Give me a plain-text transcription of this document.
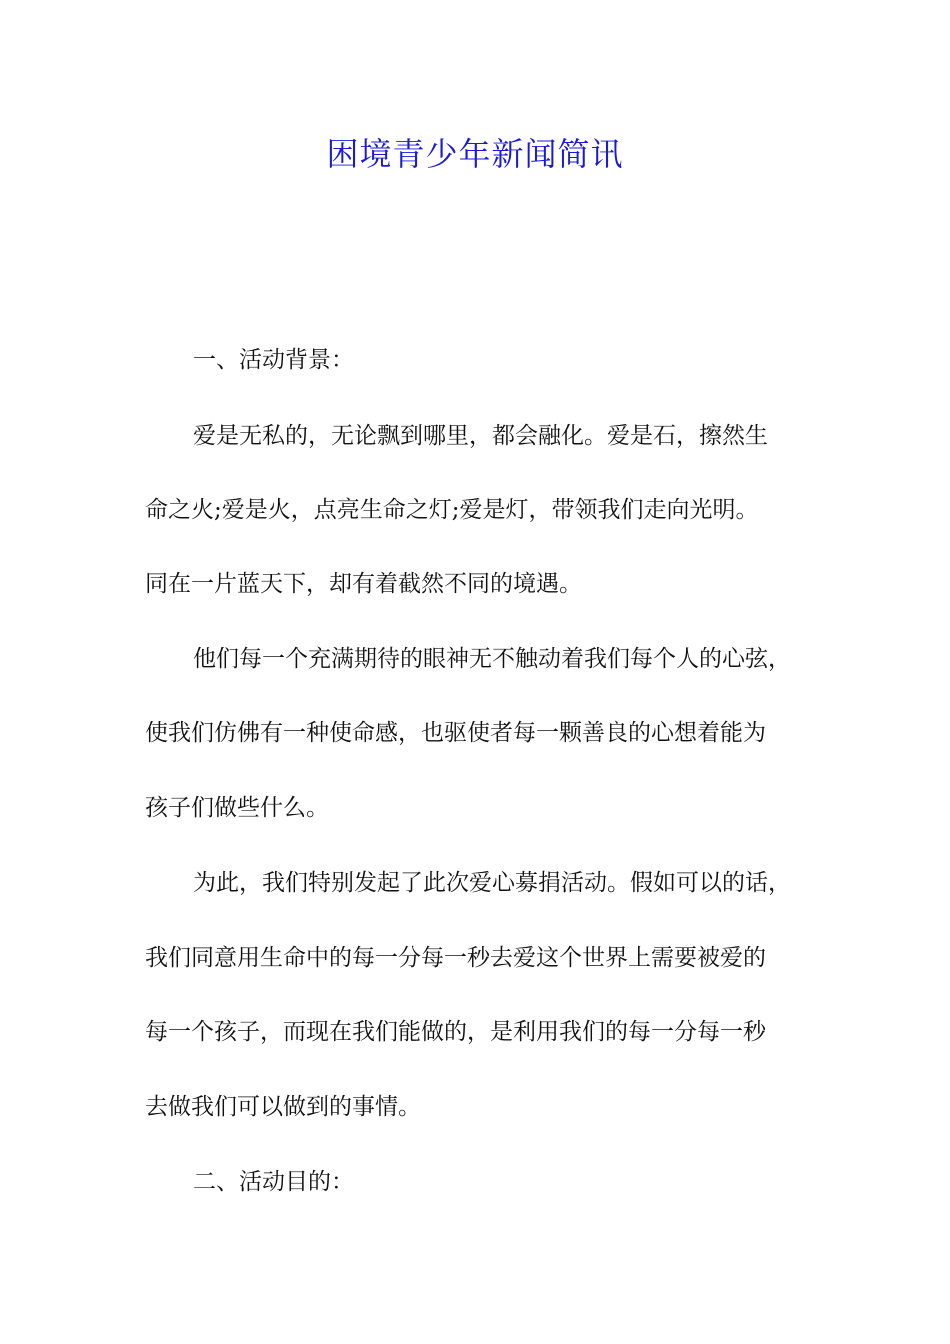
困境青少年新闻简讯
一、活动背景：
爱是无私的，无论飘到哪里，都会融化。爱是石，擦然生
命之火;爱是火，点亮生命之灯;爱是灯，带领我们走向光明。
同在一片蓝天下，却有着截然不同的境遇。
他们每一个充满期待的眼神无不触动着我们每个人的心弦，
使我们仿佛有一种使命感，也驱使者每一颗善良的心想着能为
孩子们做些什么。
为此，我们特别发起了此次爱心募捐活动。假如可以的话，
我们同意用生命中的每一分每一秒去爱这个世界上需要被爱的
每一个孩子，而现在我们能做的，是利用我们的每一分每一秒
去做我们可以做到的事情。
二、活动目的：
